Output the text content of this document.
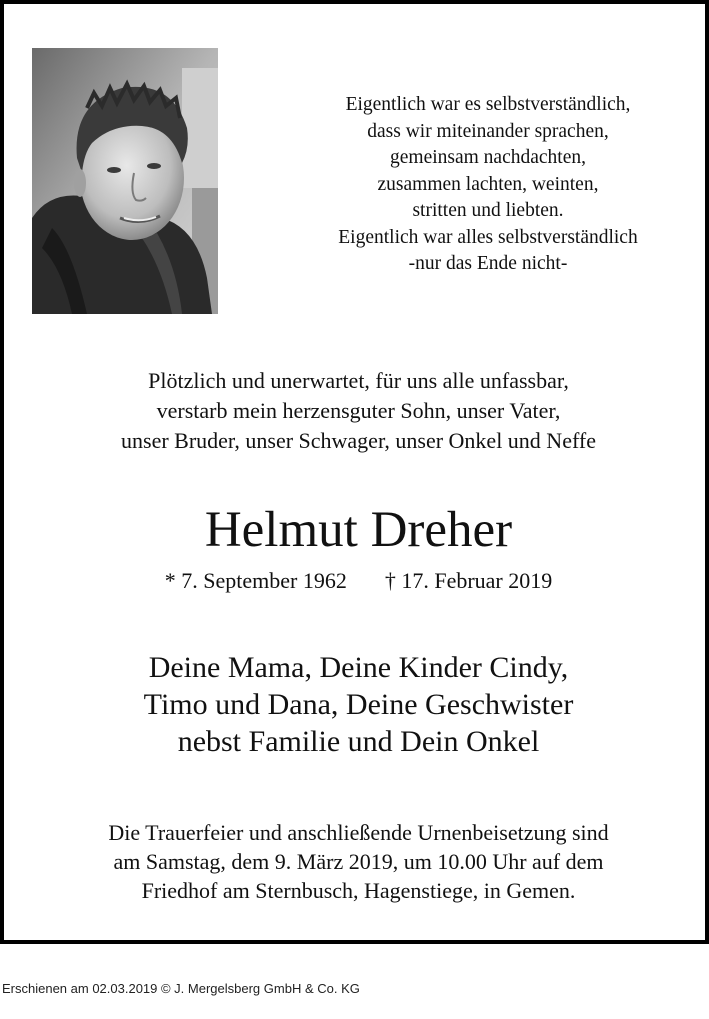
Eigentlich war es selbstverständlich,
dass wir miteinander sprachen,
gemeinsam nachdachten,
zusammen lachten, weinten,
stritten und liebten.
Eigentlich war alles selbstverständlich
-nur das Ende nicht-
Plötzlich und unerwartet, für uns alle unfassbar,
verstarb mein herzensguter Sohn, unser Vater,
unser Bruder, unser Schwager, unser Onkel und Neffe
Helmut Dreher
* 7. September 1962 † 17. Februar 2019
Deine Mama, Deine Kinder Cindy,
Timo und Dana, Deine Geschwister
nebst Familie und Dein Onkel
Die Trauerfeier und anschließende Urnenbeisetzung sind
am Samstag, dem 9. März 2019, um 10.00 Uhr auf dem
Friedhof am Sternbusch, Hagenstiege, in Gemen.
Erschienen am 02.03.2019 © J. Mergelsberg GmbH & Co. KG
